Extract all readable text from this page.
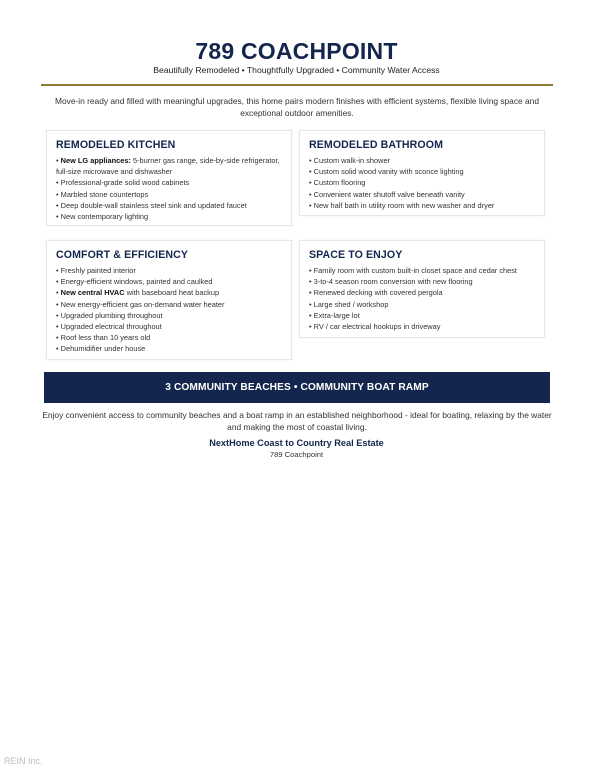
789 COACHPOINT
Beautifully Remodeled • Thoughtfully Upgraded • Community Water Access
Move-in ready and filled with meaningful upgrades, this home pairs modern finishes with efficient systems, flexible living space and exceptional outdoor amenities.
REMODELED KITCHEN
• New LG appliances: 5-burner gas range, side-by-side refrigerator, full-size microwave and dishwasher
• Professional-grade solid wood cabinets
• Marbled stone countertops
• Deep double-wall stainless steel sink and updated faucet
• New contemporary lighting
REMODELED BATHROOM
• Custom walk-in shower
• Custom solid wood vanity with sconce lighting
• Custom flooring
• Convenient water shutoff valve beneath vanity
• New half bath in utility room with new washer and dryer
COMFORT & EFFICIENCY
• Freshly painted interior
• Energy-efficient windows, painted and caulked
• New central HVAC with baseboard heat backup
• New energy-efficient gas on-demand water heater
• Upgraded plumbing throughout
• Upgraded electrical throughout
• Roof less than 10 years old
• Dehumidifier under house
SPACE TO ENJOY
• Family room with custom built-in closet space and cedar chest
• 3-to-4 season room conversion with new flooring
• Renewed decking with covered pergola
• Large shed / workshop
• Extra-large lot
• RV / car electrical hookups in driveway
3 COMMUNITY BEACHES • COMMUNITY BOAT RAMP
Enjoy convenient access to community beaches and a boat ramp in an established neighborhood - ideal for boating, relaxing by the water and making the most of coastal living.
NextHome Coast to Country Real Estate
789 Coachpoint
REIN Inc.
